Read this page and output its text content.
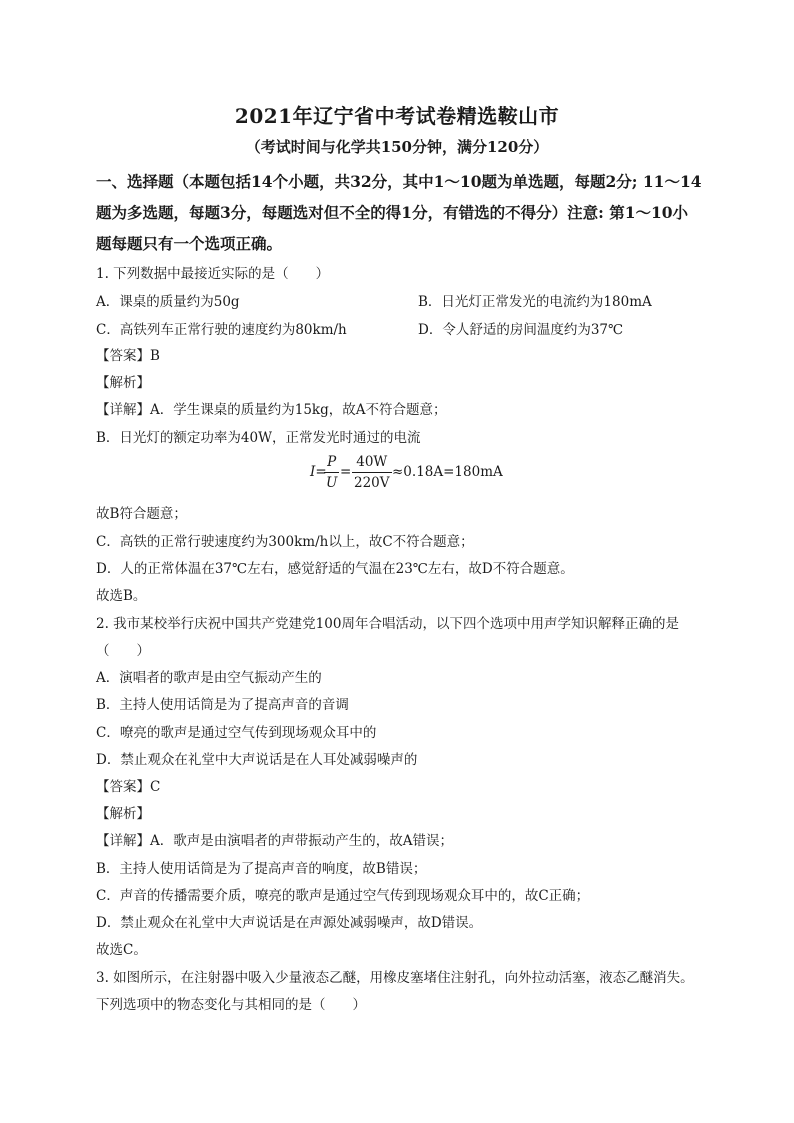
2021年辽宁省中考试卷精选鞍山市
（考试时间与化学共150分钟，满分120分）
一、选择题（本题包括14个小题，共32分，其中1～10题为单选题，每题2分; 11～14题为多选题，每题3分，每题选对但不全的得1分，有错选的不得分）注意: 第1～10小题每题只有一个选项正确。
1. 下列数据中最接近实际的是（　　）
A．课桌的质量约为50g	B．日光灯正常发光的电流约为180mA
C．高铁列车正常行驶的速度约为80km/h	D．令人舒适的房间温度约为37℃
【答案】B
【解析】
【详解】A．学生课桌的质量约为15kg，故A不符合题意；
B．日光灯的额定功率为40W，正常发光时通过的电流
I=
$\frac{P}{U} = \frac{40W}{220V} \approx 0.18A=180mA$
故B符合题意；
C．高铁的正常行驶速度约为300km/h以上，故C不符合题意；
D．人的正常体温在37℃左右，感觉舒适的气温在23℃左右，故D不符合题意。
故选B。
2. 我市某校举行庆祝中国共产党建党100周年合唱活动，以下四个选项中用声学知识解释正确的是
（　　）
A．演唱者的歌声是由空气振动产生的
B．主持人使用话筒是为了提高声音的音调
C．嘹亮的歌声是通过空气传到现场观众耳中的
D．禁止观众在礼堂中大声说话是在人耳处减弱噪声的
【答案】C
【解析】
【详解】A．歌声是由演唱者的声带振动产生的，故A错误；
B．主持人使用话筒是为了提高声音的响度，故B错误；
C．声音的传播需要介质，嘹亮的歌声是通过空气传到现场观众耳中的，故C正确；
D．禁止观众在礼堂中大声说话是在声源处减弱噪声，故D错误。
故选C。
3. 如图所示，在注射器中吸入少量液态乙醚，用橡皮塞堵住注射孔，向外拉动活塞，液态乙醚消失。
下列选项中的物态变化与其相同的是（　　）
